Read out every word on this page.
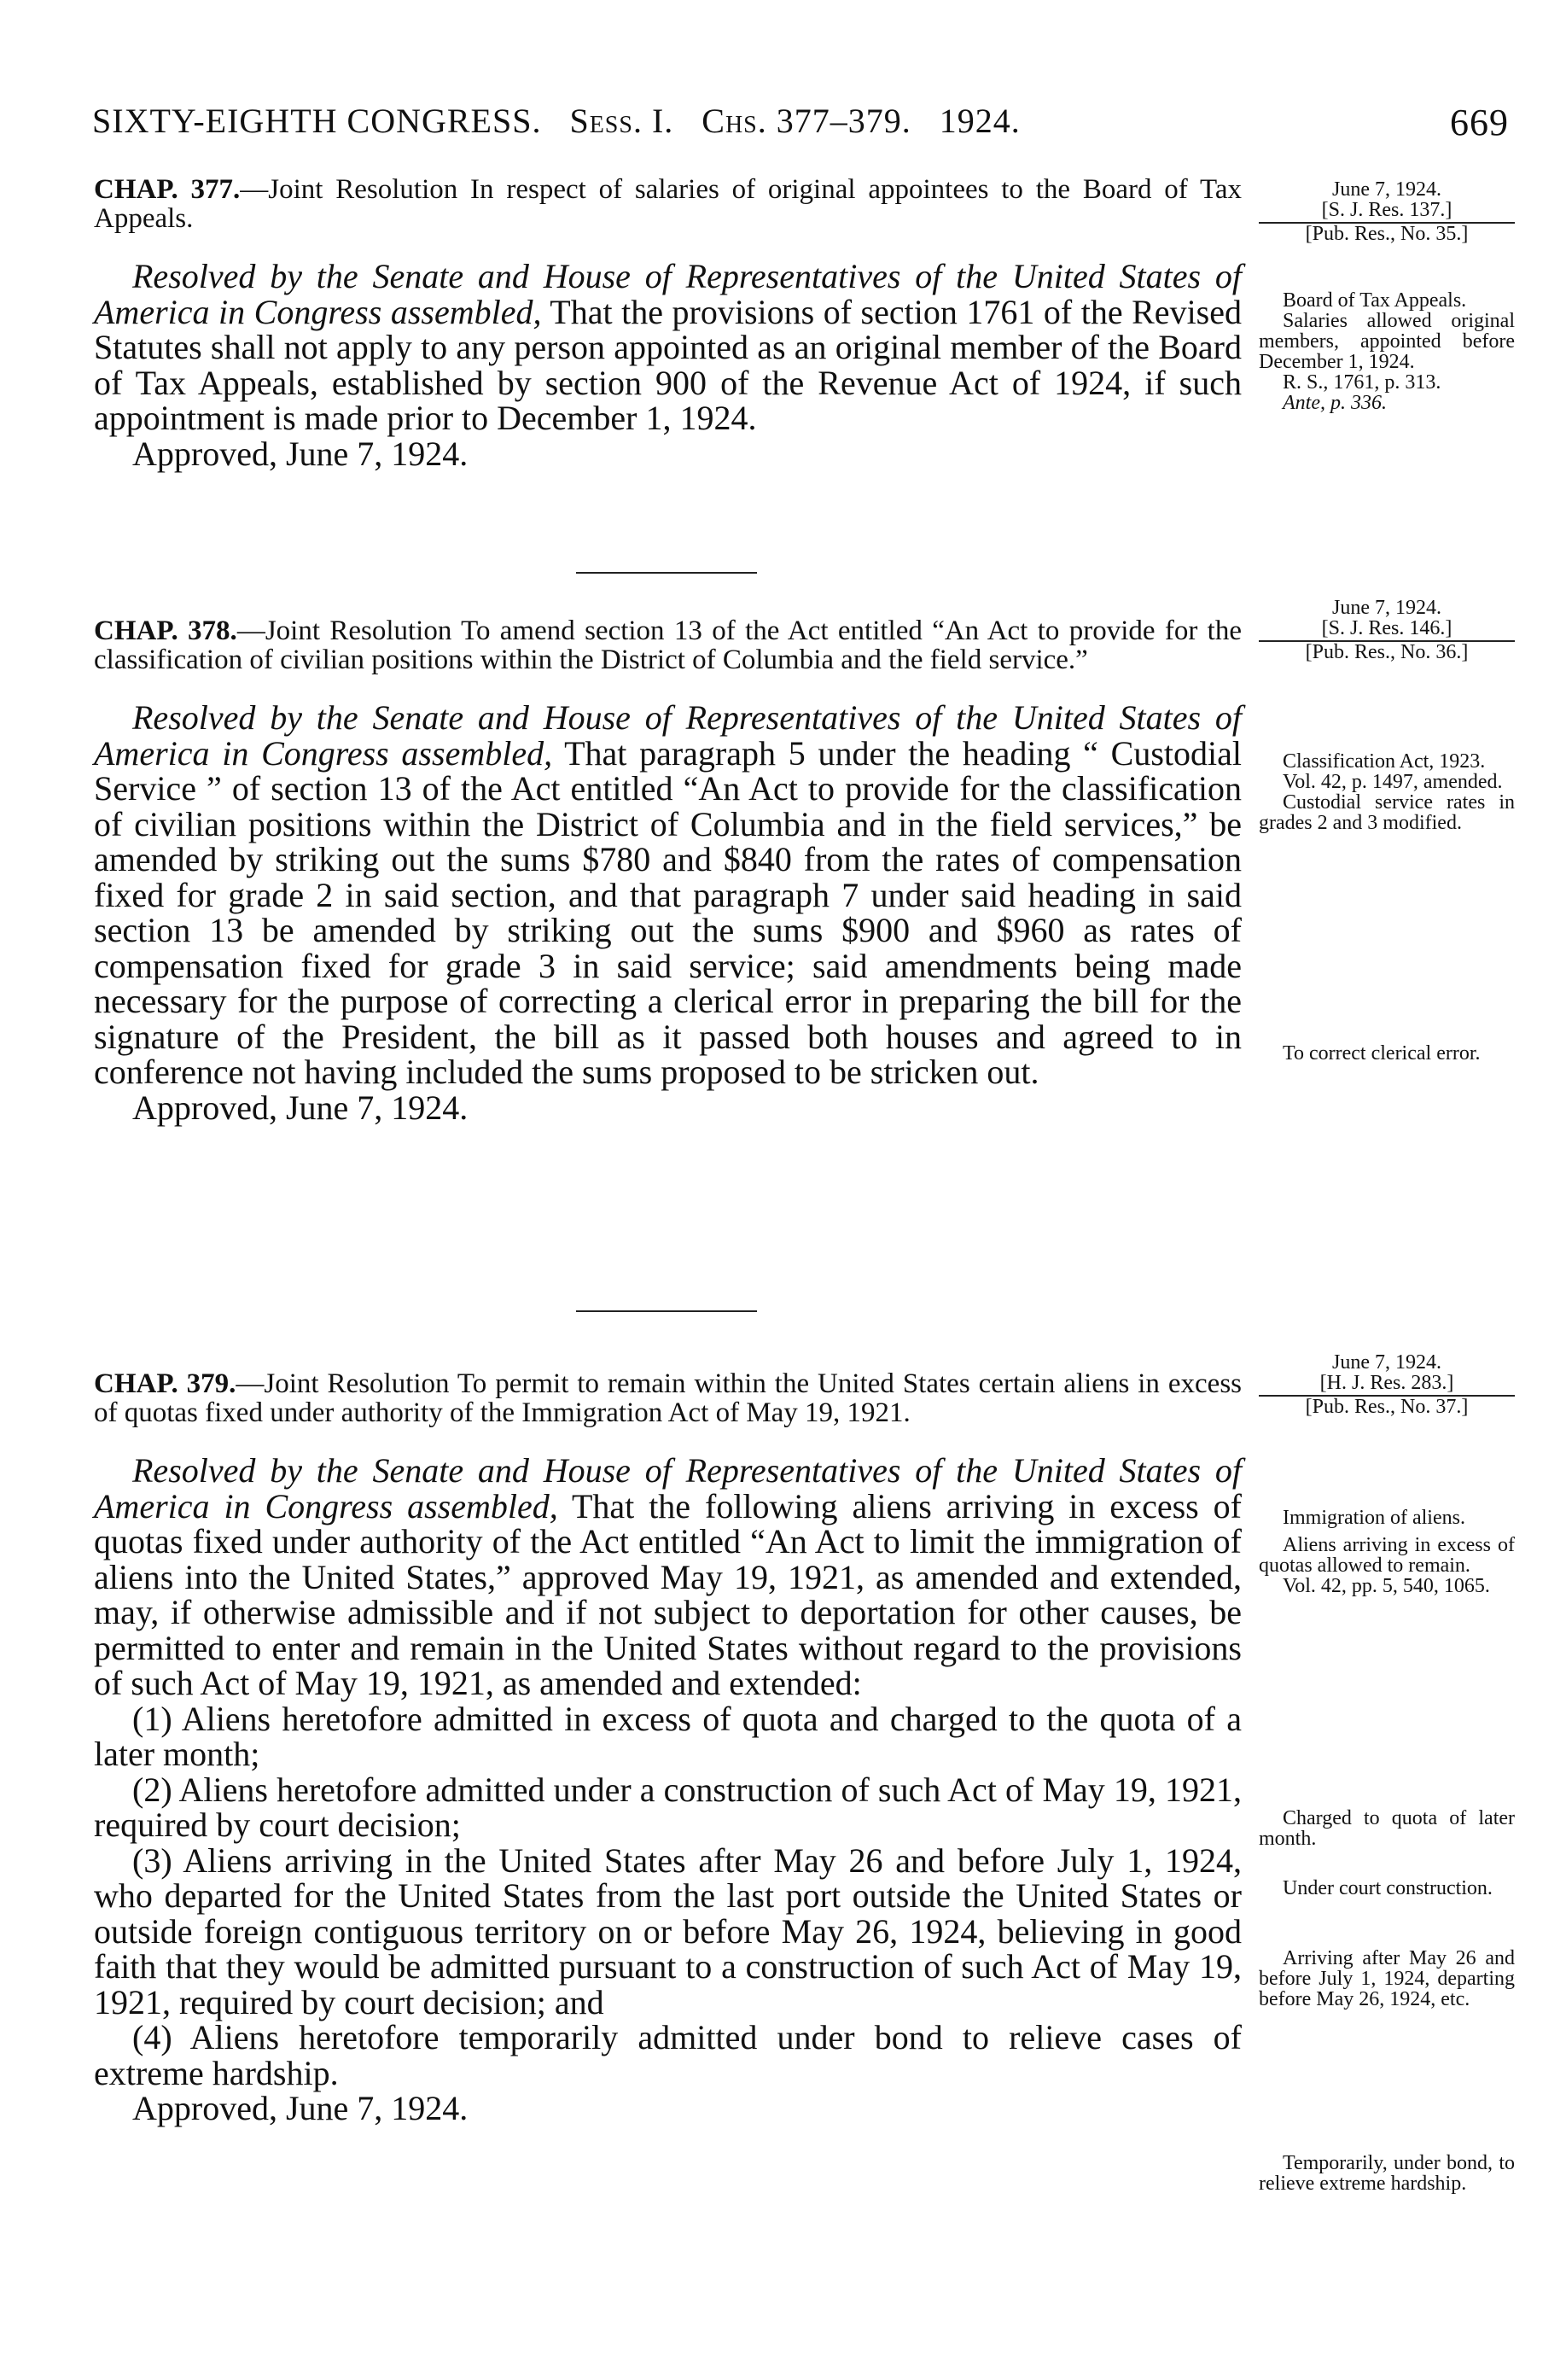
SIXTY-EIGHTH CONGRESS. Sess. I. Chs. 377–379. 1924.	669
CHAP. 377.—Joint Resolution In respect of salaries of original appointees to the Board of Tax Appeals.

Resolved by the Senate and House of Representatives of the United States of America in Congress assembled, That the provisions of section 1761 of the Revised Statutes shall not apply to any person appointed as an original member of the Board of Tax Appeals, established by section 900 of the Revenue Act of 1924, if such appointment is made prior to December 1, 1924.

Approved, June 7, 1924.
June 7, 1924.
[S. J. Res. 137.]
[Pub. Res., No. 35.]
Board of Tax Appeals.
Salaries allowed original members, appointed before December 1, 1924.
R. S., 1761, p. 313.
Ante, p. 336.
CHAP. 378.—Joint Resolution To amend section 13 of the Act entitled “An Act to provide for the classification of civilian positions within the District of Columbia and the field service.”

Resolved by the Senate and House of Representatives of the United States of America in Congress assembled, That paragraph 5 under the heading “ Custodial Service ” of section 13 of the Act entitled “An Act to provide for the classification of civilian positions within the District of Columbia and in the field services,” be amended by striking out the sums $780 and $840 from the rates of compensation fixed for grade 2 in said section, and that paragraph 7 under said heading in said section 13 be amended by striking out the sums $900 and $960 as rates of compensation fixed for grade 3 in said service; said amendments being made necessary for the purpose of correcting a clerical error in preparing the bill for the signature of the President, the bill as it passed both houses and agreed to in conference not having included the sums proposed to be stricken out.

Approved, June 7, 1924.
June 7, 1924.
[S. J. Res. 146.]
[Pub. Res., No. 36.]
Classification Act, 1923.
Vol. 42, p. 1497, amended.
Custodial service rates in grades 2 and 3 modified.
To correct clerical error.
CHAP. 379.—Joint Resolution To permit to remain within the United States certain aliens in excess of quotas fixed under authority of the Immigration Act of May 19, 1921.

Resolved by the Senate and House of Representatives of the United States of America in Congress assembled, That the following aliens arriving in excess of quotas fixed under authority of the Act entitled “An Act to limit the immigration of aliens into the United States,” approved May 19, 1921, as amended and extended, may, if otherwise admissible and if not subject to deportation for other causes, be permitted to enter and remain in the United States without regard to the provisions of such Act of May 19, 1921, as amended and extended:

(1) Aliens heretofore admitted in excess of quota and charged to the quota of a later month;

(2) Aliens heretofore admitted under a construction of such Act of May 19, 1921, required by court decision;

(3) Aliens arriving in the United States after May 26 and before July 1, 1924, who departed for the United States from the last port outside the United States or outside foreign contiguous territory on or before May 26, 1924, believing in good faith that they would be admitted pursuant to a construction of such Act of May 19, 1921, required by court decision; and

(4) Aliens heretofore temporarily admitted under bond to relieve cases of extreme hardship.

Approved, June 7, 1924.
June 7, 1924.
[H. J. Res. 283.]
[Pub. Res., No. 37.]
Immigration of aliens.
Aliens arriving in excess of quotas allowed to remain.
Vol. 42, pp. 5, 540, 1065.
Charged to quota of later month.
Under court construction.
Arriving after May 26 and before July 1, 1924, departing before May 26, 1924, etc.
Temporarily, under bond, to relieve extreme hardship.
